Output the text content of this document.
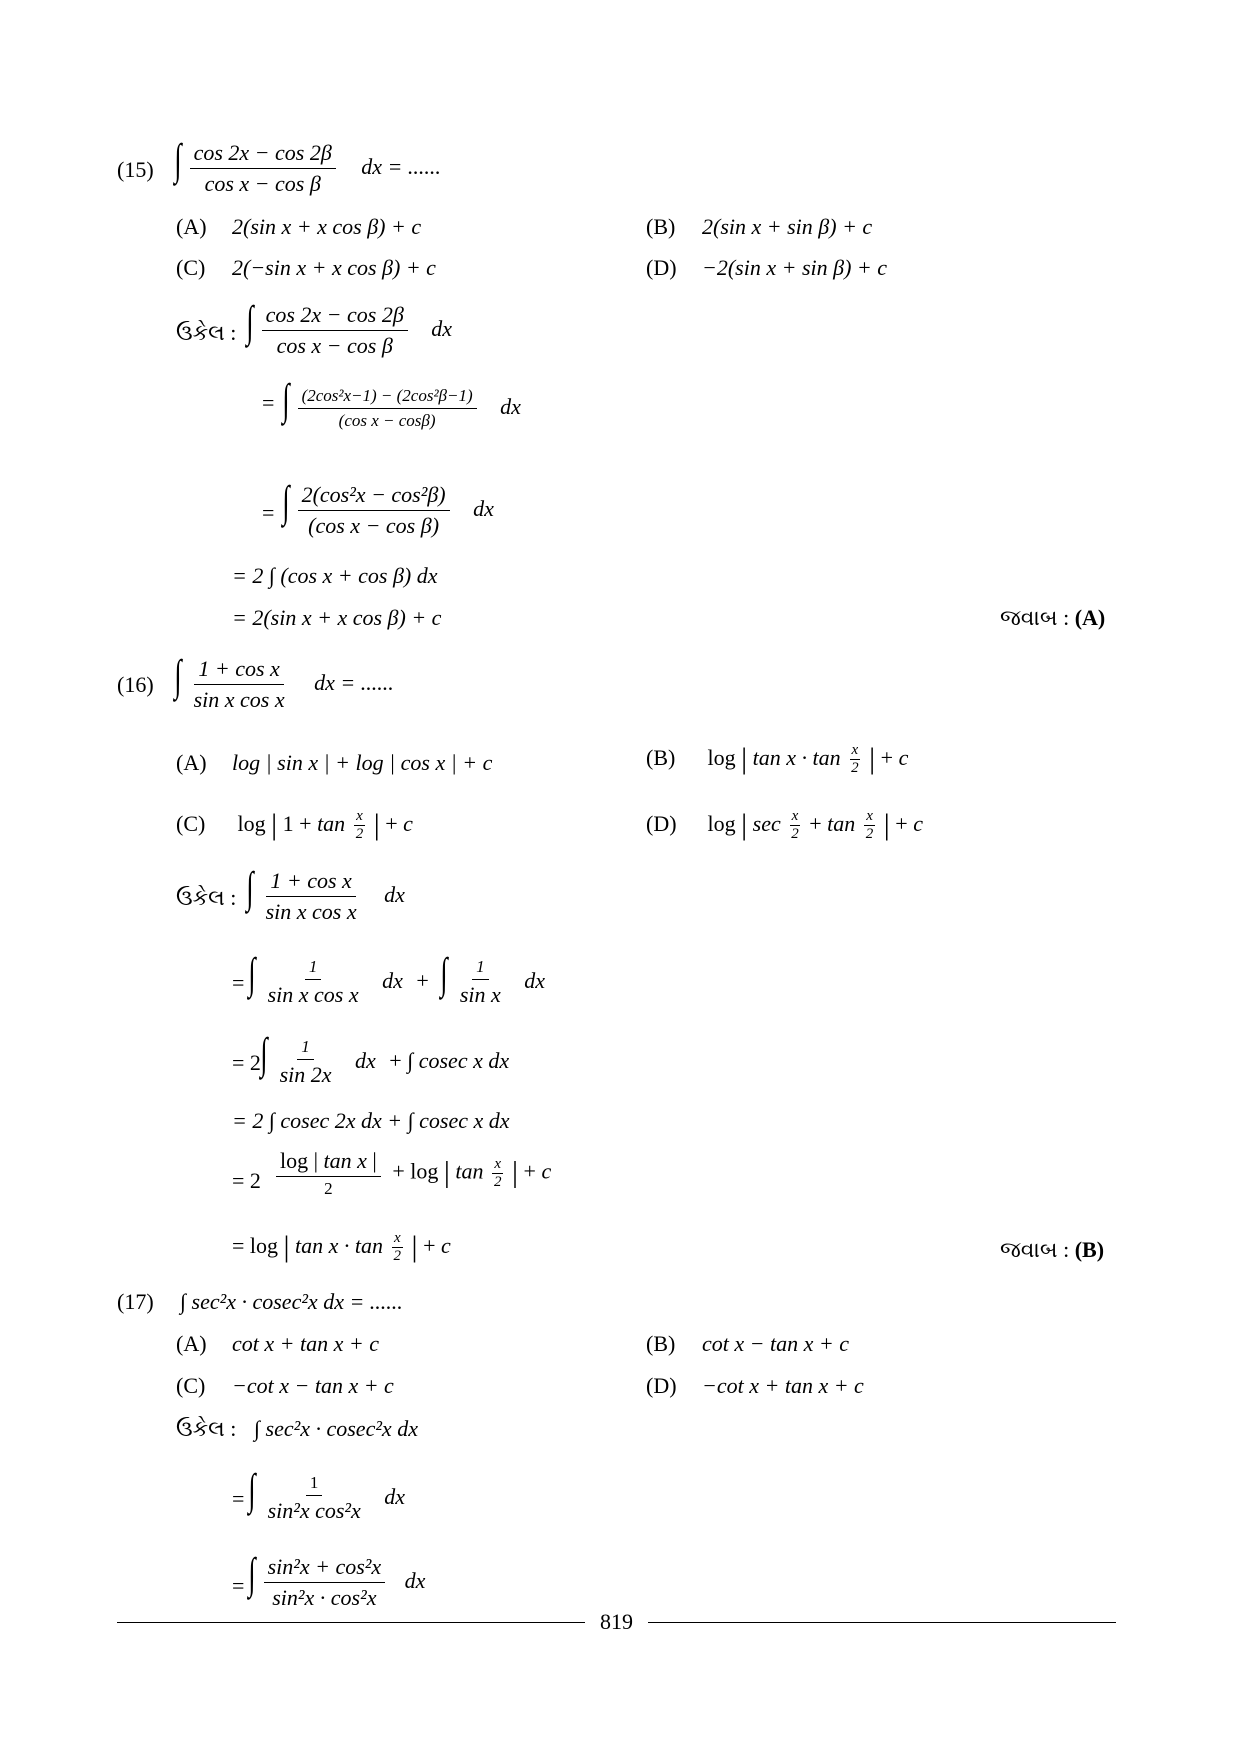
(15) ∫ $\frac{\cos 2x - \cos 2\beta}{\text{cos x − cos β}}$ dx = ......
(A) 2(sin x + x cos β) + c	(B) 2(sin x + sin β) + c
(C) 2(−sin x + x cos β) + c	(D) −2(sin x + sin β) + c
ઉકેલ : ∫ $\frac{\cos 2x - \cos 2\beta}{\text{cos x − cos β}}$ dx
= ∫ $\frac{\text{(2cos²x−1) − (2cos²β−1)}}{\text{(cos x − cosβ)}}$ dx
= ∫ $\frac{\text{2(cos²x − cos²β)}}{\text{(cos x − cos β)}}$ dx
= 2 ∫ (cos x + cos β) dx
= 2(sin x + x cos β) + c	જવાબ : (A)
(16) ∫ $\frac{\text{1 + cos x}}{\text{sin x cos x}}$ dx = ......
(A) log | sin x | + log | cos x | + c	(B) log | $\tan x \cdot \tan \frac{x}{2}$ | + c
(C) log | $1 + \tan \frac{x}{2}$ | + c	(D) log | $\sec \frac{x}{2} + \tan \frac{x}{2}$ | + c
ઉકેલ : ∫ $\frac{\text{1 + cos x}}{\text{sin x cos x}}$ dx
= ∫ $\frac{1}{\text{sin x cos x}}$ dx + ∫ $\frac{1}{\text{sin x}}$ dx
= 2 ∫ $\frac{1}{\sin 2x}$ dx + ∫ cosec x dx
= 2 ∫ cosec 2x dx + ∫ cosec x dx
= $2 \frac{\text{log | tan x |}}{2} + \log$ | $\tan \frac{x}{2}$ | + c
= log | $\tan x \cdot \tan \frac{x}{2}$ | + c	જવાબ : (B)
(17) ∫ sec²x · cosec²x dx = ......
(A) cot x + tan x + c	(B) cot x − tan x + c
(C) −cot x − tan x + c	(D) −cot x + tan x + c
ઉકેલ : ∫ sec²x · cosec²x dx
= ∫ $\frac{1}{\text{sin²x cos²x}}$ dx
= ∫ $\frac{\text{sin²x + cos²x}}{\text{sin²x · cos²x}}$ dx
819
